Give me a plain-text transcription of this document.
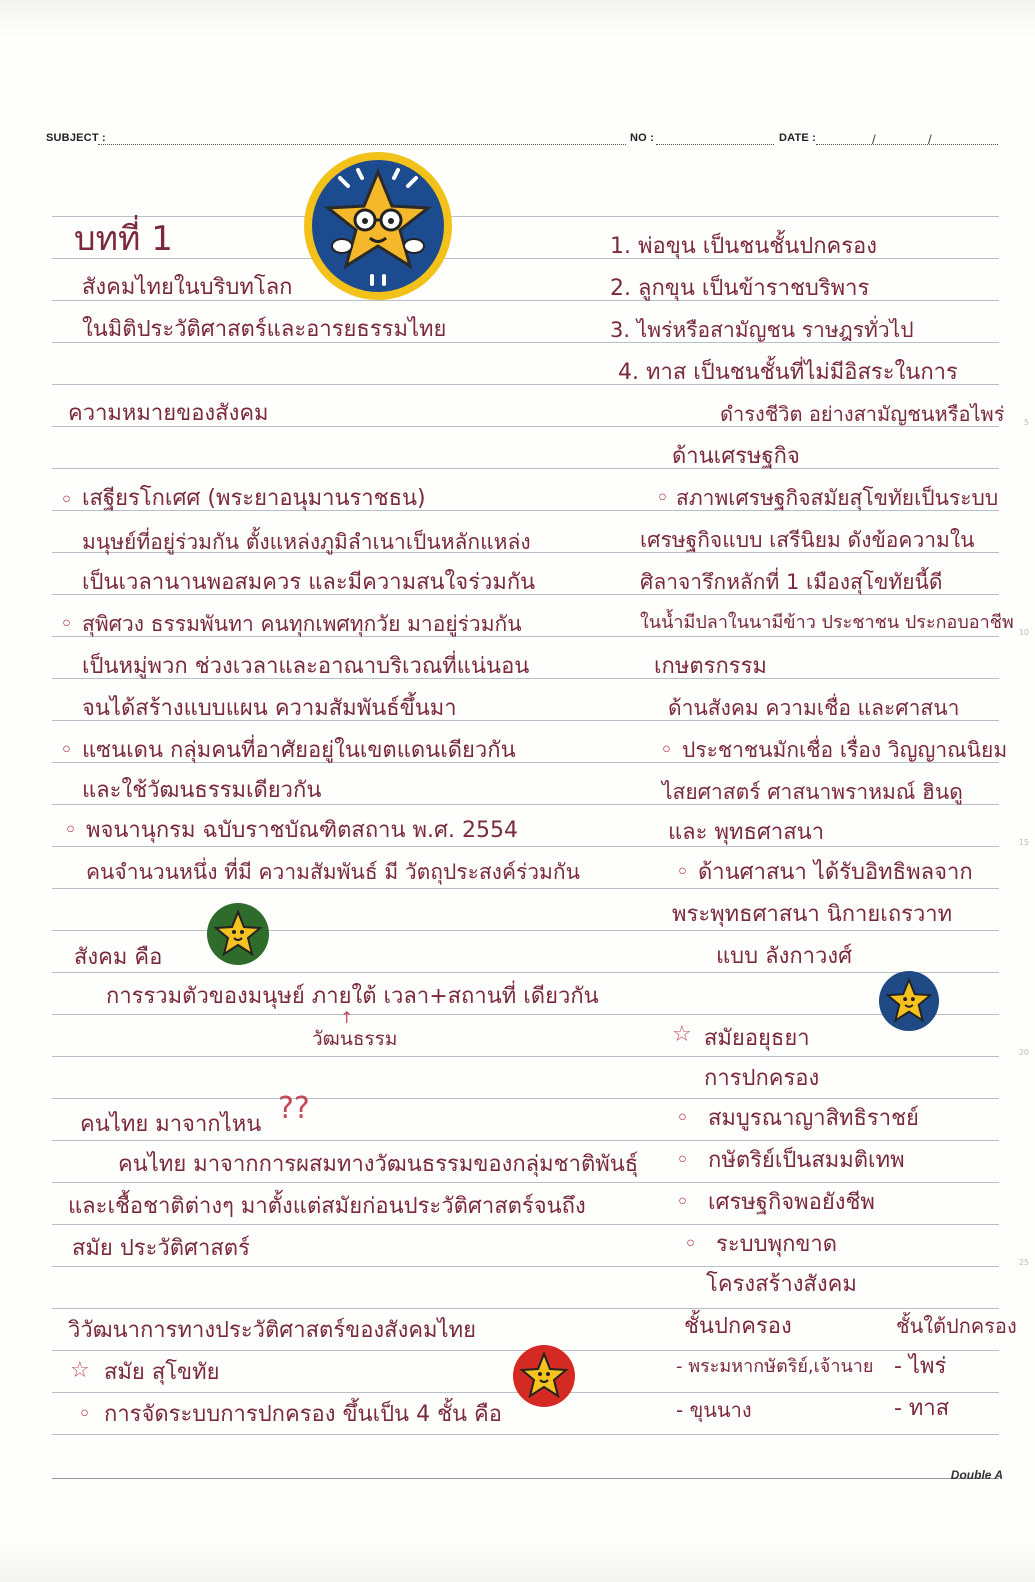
SUBJECT :	NO :	DATE :	/	/
5
10
15
20
25
บทที่ 1
สังคมไทยในบริบทโลก
ในมิติประวัติศาสตร์และอารยธรรมไทย
ความหมายของสังคม
◦ เสฐียรโกเศศ (พระยาอนุมานราชธน)
มนุษย์ที่อยู่ร่วมกัน ตั้งแหล่งภูมิลำเนาเป็นหลักแหล่ง
เป็นเวลานานพอสมควร และมีความสนใจร่วมกัน
◦ สุพิศวง ธรรมพันทา คนทุกเพศทุกวัย มาอยู่ร่วมกัน
เป็นหมู่พวก ช่วงเวลาและอาณาบริเวณที่แน่นอน
จนได้สร้างแบบแผน ความสัมพันธ์ขึ้นมา
◦ แซนเดน กลุ่มคนที่อาศัยอยู่ในเขตแดนเดียวกัน
และใช้วัฒนธรรมเดียวกัน
◦ พจนานุกรม ฉบับราชบัณฑิตสถาน พ.ศ. 2554
คนจำนวนหนึ่ง ที่มี ความสัมพันธ์ มี วัตถุประสงค์ร่วมกัน
สังคม คือ
การรวมตัวของมนุษย์ ภายใต้ เวลา+สถานที่ เดียวกัน
↑
วัฒนธรรม
คนไทย มาจากไหน ??
คนไทย มาจากการผสมทางวัฒนธรรมของกลุ่มชาติพันธุ์
และเชื้อชาติต่างๆ มาตั้งแต่สมัยก่อนประวัติศาสตร์จนถึง
สมัย ประวัติศาสตร์
วิวัฒนาการทางประวัติศาสตร์ของสังคมไทย
☆ สมัย สุโขทัย
◦ การจัดระบบการปกครอง ขึ้นเป็น 4 ชั้น คือ
1. พ่อขุน เป็นชนชั้นปกครอง
2. ลูกขุน เป็นข้าราชบริพาร
3. ไพร่หรือสามัญชน ราษฎรทั่วไป
4. ทาส เป็นชนชั้นที่ไม่มีอิสระในการ
ดำรงชีวิต อย่างสามัญชนหรือไพร่
ด้านเศรษฐกิจ
◦ สภาพเศรษฐกิจสมัยสุโขทัยเป็นระบบ
เศรษฐกิจแบบ เสรีนิยม ดังข้อความใน
ศิลาจารึกหลักที่ 1 เมืองสุโขทัยนี้ดี
ในน้ำมีปลาในนามีข้าว ประชาชน ประกอบอาชีพ
เกษตรกรรม
ด้านสังคม ความเชื่อ และศาสนา
◦ ประชาชนมักเชื่อ เรื่อง วิญญาณนิยม
ไสยศาสตร์ ศาสนาพราหมณ์ ฮินดู
และ พุทธศาสนา
◦ ด้านศาสนา ได้รับอิทธิพลจาก
พระพุทธศาสนา นิกายเถรวาท
แบบ ลังกาวงศ์
☆ สมัยอยุธยา
การปกครอง
◦ สมบูรณาญาสิทธิราชย์
◦ กษัตริย์เป็นสมมติเทพ
◦ เศรษฐกิจพอยังชีพ
◦ ระบบพุกขาด
โครงสร้างสังคม
ชั้นปกครอง	ชั้นใต้ปกครอง
- พระมหากษัตริย์,เจ้านาย - ไพร่
- ขุนนาง	- ทาส
Double A
